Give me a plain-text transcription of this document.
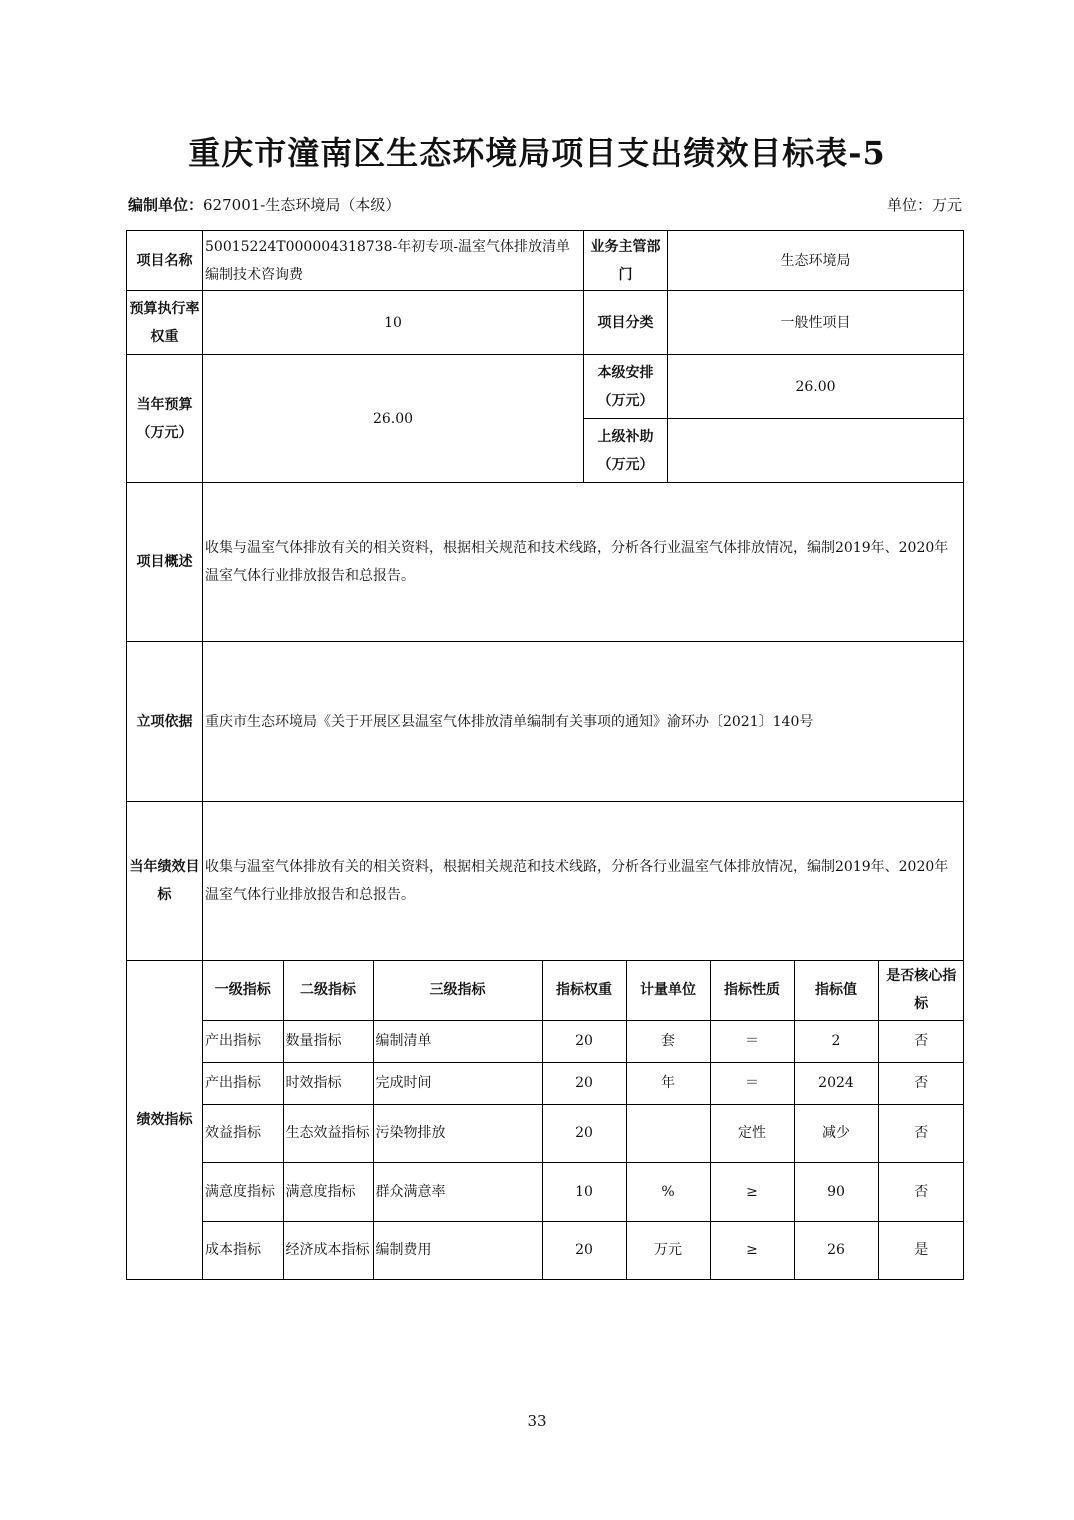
重庆市潼南区生态环境局项目支出绩效目标表-5
编制单位：627001-生态环境局（本级）	单位：万元
项目名称	50015224T000004318738-年初专项-温室气体排放清单编制技术咨询费	业务主管部门	生态环境局
预算执行率权重	10	项目分类	一般性项目
当年预算（万元）	26.00	本级安排（万元）	26.00
上级补助（万元）	
项目概述	收集与温室气体排放有关的相关资料，根据相关规范和技术线路，分析各行业温室气体排放情况，编制2019年、2020年温室气体行业排放报告和总报告。
立项依据	重庆市生态环境局《关于开展区县温室气体排放清单编制有关事项的通知》渝环办〔2021〕140号
当年绩效目标	收集与温室气体排放有关的相关资料，根据相关规范和技术线路，分析各行业温室气体排放情况，编制2019年、2020年温室气体行业排放报告和总报告。
绩效指标	
一级指标	二级指标	三级指标	指标权重	计量单位	指标性质	指标值	是否核心指标
产出指标	数量指标	编制清单	20	套	＝	2	否
产出指标	时效指标	完成时间	20	年	＝	2024	否
效益指标	生态效益指标	污染物排放	20		定性	减少	否
满意度指标	满意度指标	群众满意率	10	%	≥	90	否
成本指标	经济成本指标	编制费用	20	万元	≥	26	是
33
